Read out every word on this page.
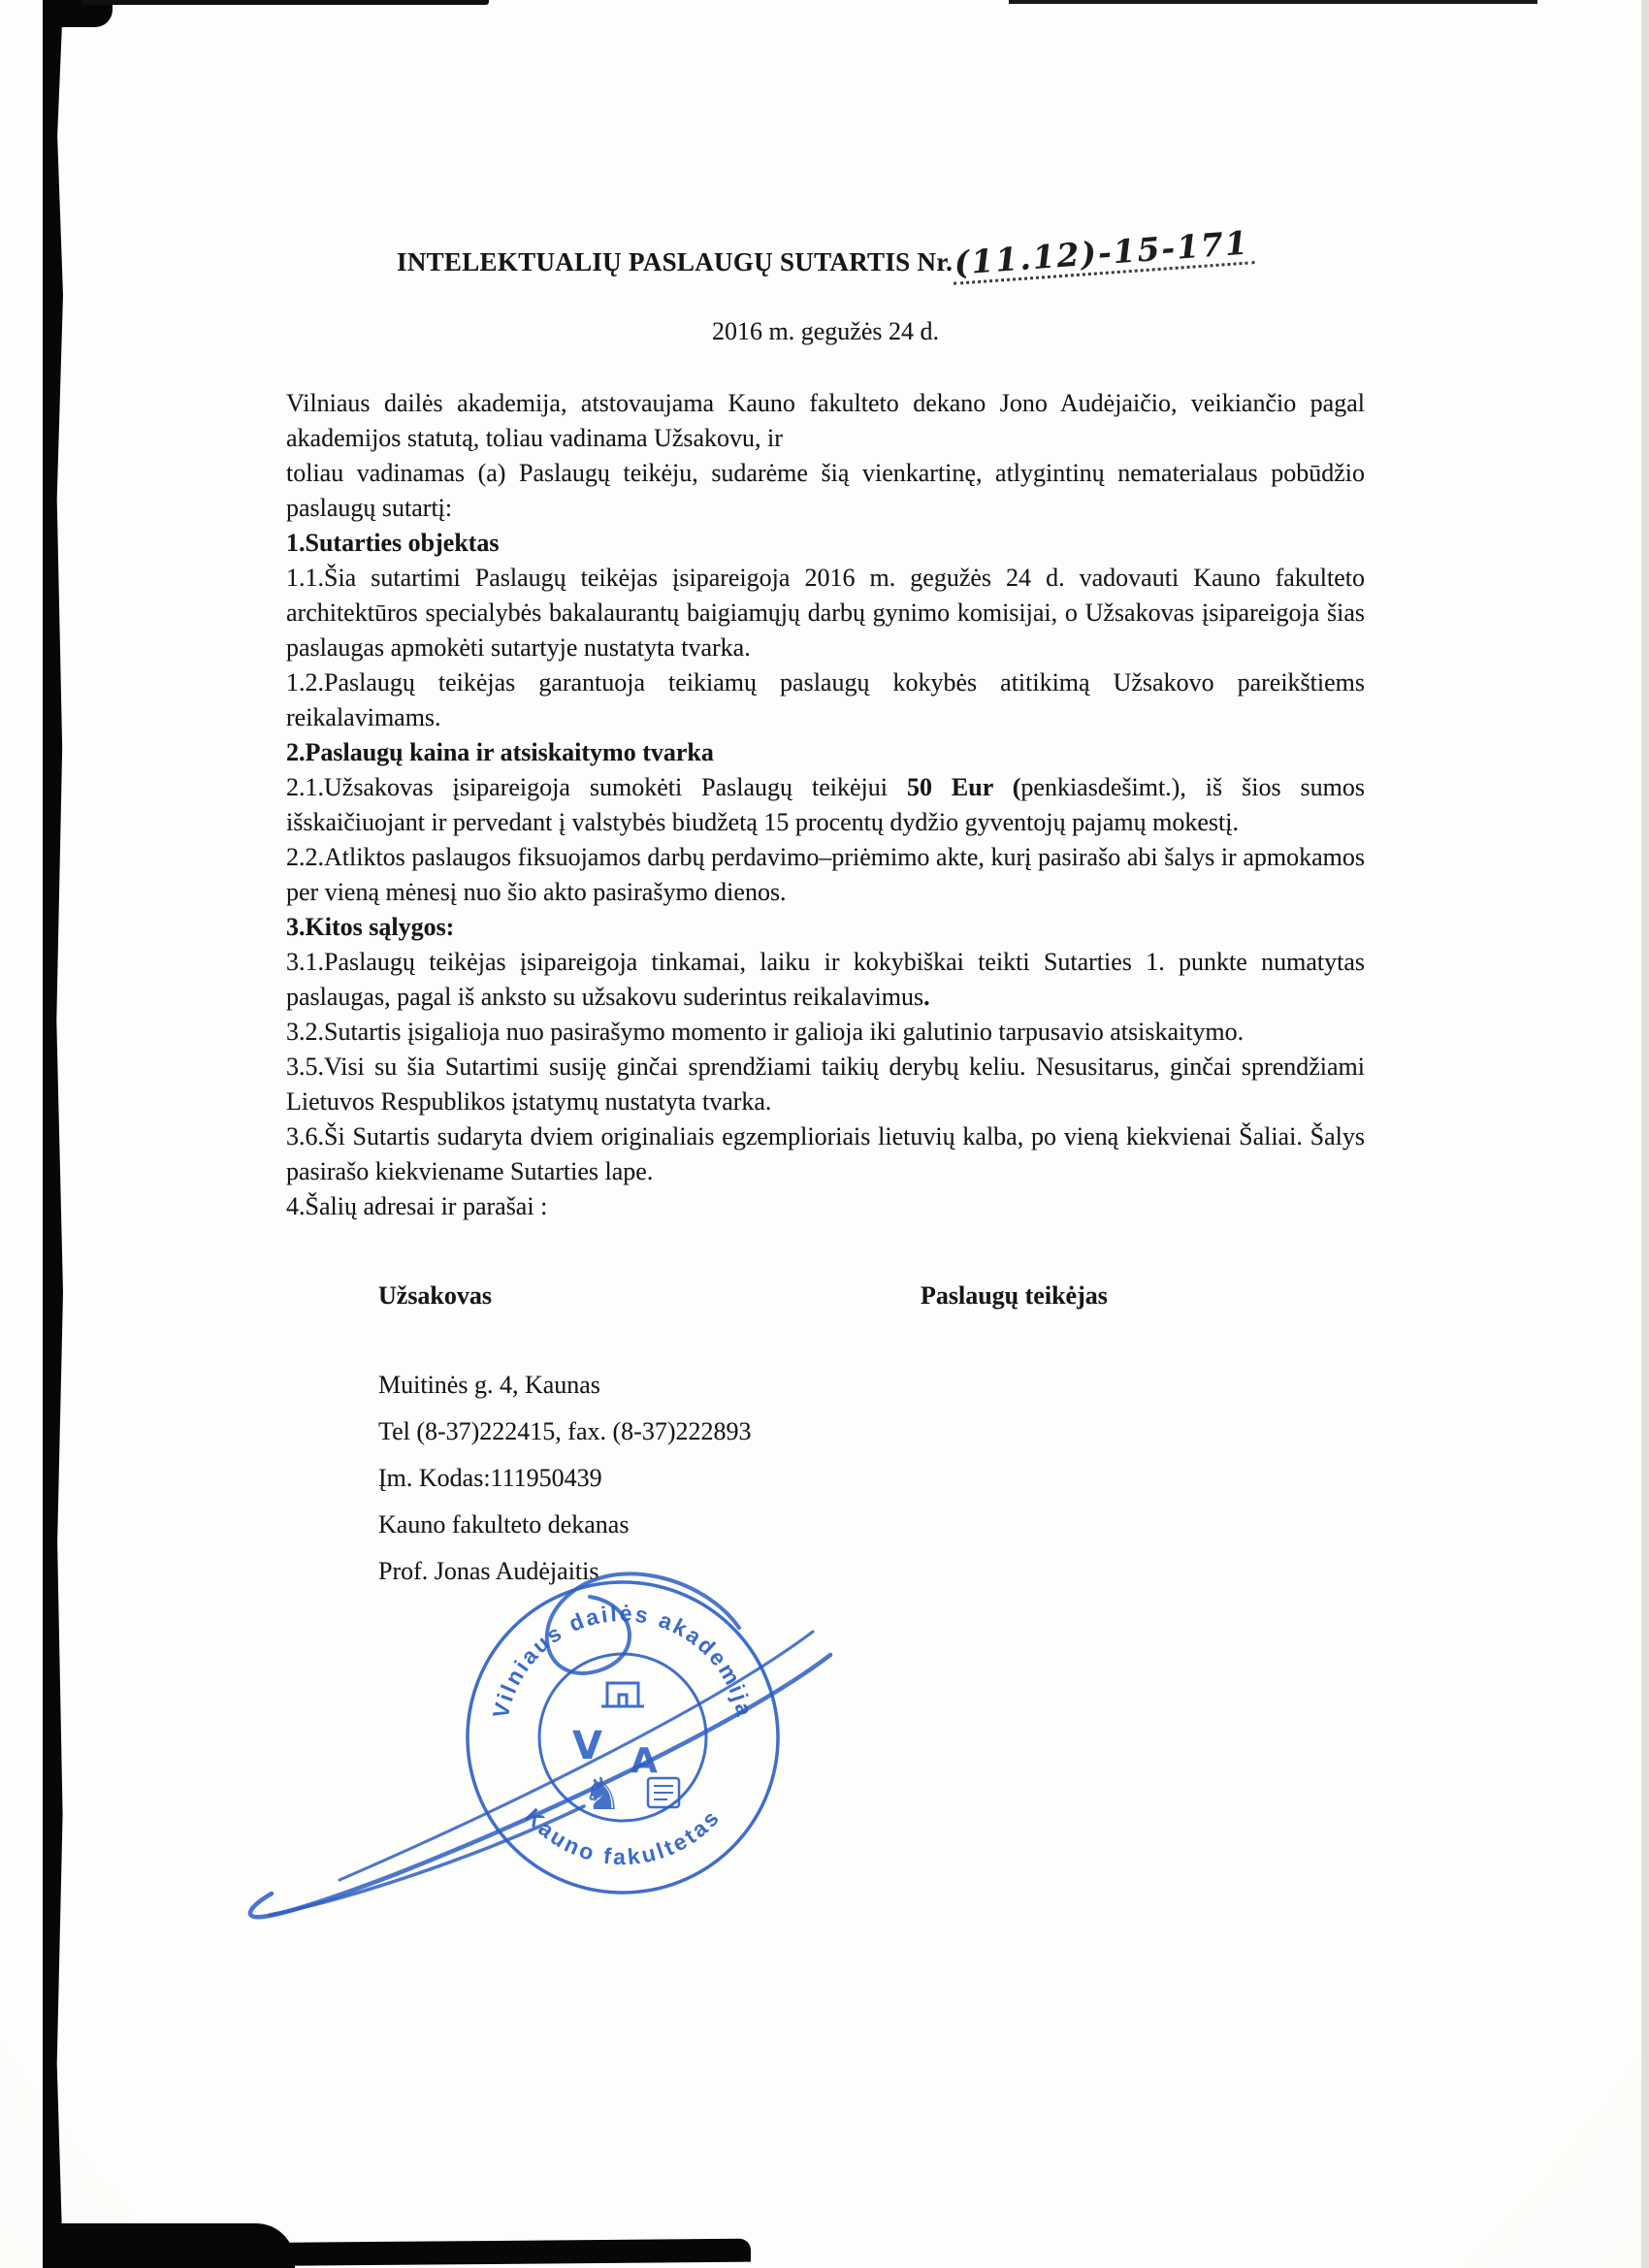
INTELEKTUALIŲ PASLAUGŲ SUTARTIS Nr.(11.12)-15-171
2016 m. gegužės 24 d.

Vilniaus dailės akademija, atstovaujama Kauno fakulteto dekano Jono Audėjaičio, veikiančio pagal akademijos statutą, toliau vadinama Užsakovu, ir

toliau vadinamas (a) Paslaugų teikėju, sudarėme šią vienkartinę, atlygintinų nematerialaus pobūdžio paslaugų sutartį:

1.Sutarties objektas

1.1.Šia sutartimi Paslaugų teikėjas įsipareigoja 2016 m. gegužės 24 d. vadovauti Kauno fakulteto architektūros specialybės bakalaurantų baigiamųjų darbų gynimo komisijai, o Užsakovas įsipareigoja šias paslaugas apmokėti sutartyje nustatyta tvarka.

1.2.Paslaugų teikėjas garantuoja teikiamų paslaugų kokybės atitikimą Užsakovo pareikštiems reikalavimams.

2.Paslaugų kaina ir atsiskaitymo tvarka

2.1.Užsakovas įsipareigoja sumokėti Paslaugų teikėjui 50 Eur (penkiasdešimt.), iš šios sumos išskaičiuojant ir pervedant į valstybės biudžetą 15 procentų dydžio gyventojų pajamų mokestį.

2.2.Atliktos paslaugos fiksuojamos darbų perdavimo–priėmimo akte, kurį pasirašo abi šalys ir apmokamos per vieną mėnesį nuo šio akto pasirašymo dienos.

3.Kitos sąlygos:

3.1.Paslaugų teikėjas įsipareigoja tinkamai, laiku ir kokybiškai teikti Sutarties 1. punkte numatytas paslaugas, pagal iš anksto su užsakovu suderintus reikalavimus.

3.2.Sutartis įsigalioja nuo pasirašymo momento ir galioja iki galutinio tarpusavio atsiskaitymo.

3.5.Visi su šia Sutartimi susiję ginčai sprendžiami taikių derybų keliu. Nesusitarus, ginčai sprendžiami Lietuvos Respublikos įstatymų nustatyta tvarka.

3.6.Ši Sutartis sudaryta dviem originaliais egzemplioriais lietuvių kalba, po vieną kiekvienai Šaliai. Šalys pasirašo kiekviename Sutarties lape.

4.Šalių adresai ir parašai :

Užsakovas

Muitinės g. 4, Kaunas

Tel (8-37)222415, fax. (8-37)222893

Įm. Kodas:111950439

Kauno fakulteto dekanas

Prof. Jonas Audėjaitis

Paslaugų teikėjas
Vilniaus dailės akademija
Kauno fakultetas
V A
♞
